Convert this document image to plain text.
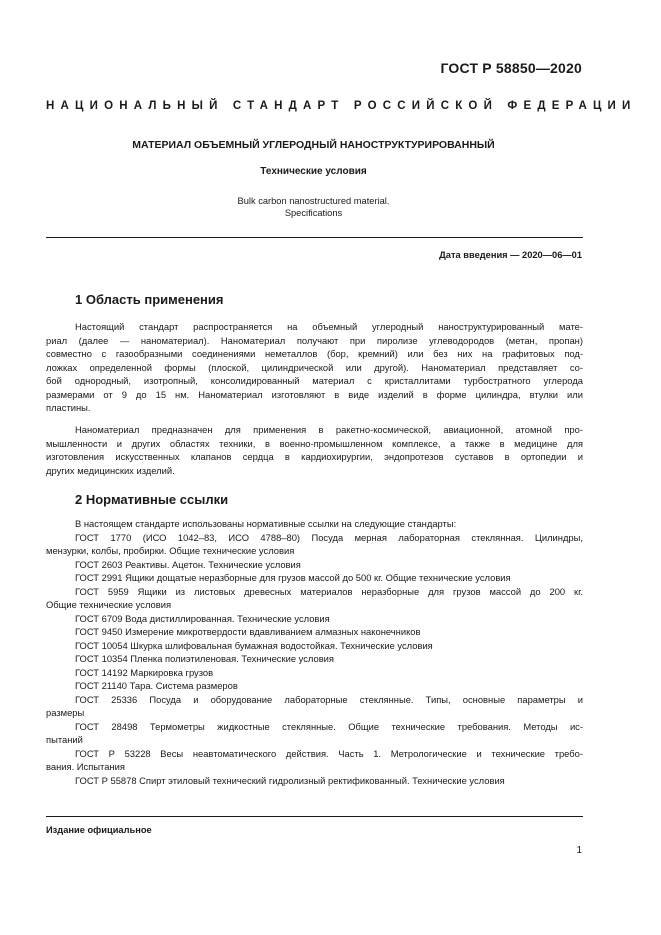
ГОСТ Р 58850—2020
НАЦИОНАЛЬНЫЙ СТАНДАРТ РОССИЙСКОЙ ФЕДЕРАЦИИ
МАТЕРИАЛ ОБЪЕМНЫЙ УГЛЕРОДНЫЙ НАНОСТРУКТУРИРОВАННЫЙ
Технические условия
Bulk carbon nanostructured material.
Specifications
Дата введения — 2020—06—01
1 Область применения
Настоящий стандарт распространяется на объемный углеродный наноструктурированный мате-
риал (далее — наноматериал). Наноматериал получают при пиролизе углеводородов (метан, пропан)
совместно с газообразными соединениями неметаллов (бор, кремний) или без них на графитовых под-
ложках определенной формы (плоской, цилиндрической или другой). Наноматериал представляет со-
бой однородный, изотропный, консолидированный материал с кристаллитами турбостратного углерода
размерами от 9 до 15 нм. Наноматериал изготовляют в виде изделий в форме цилиндра, втулки или
пластины.
Наноматериал предназначен для применения в ракетно-космической, авиационной, атомной про-
мышленности и других областях техники, в военно-промышленном комплексе, а также в медицине для
изготовления искусственных клапанов сердца в кардиохирургии, эндопротезов суставов в ортопедии и
других медицинских изделий.
2 Нормативные ссылки
В настоящем стандарте использованы нормативные ссылки на следующие стандарты:
ГОСТ 1770 (ИСО 1042–83, ИСО 4788–80) Посуда мерная лабораторная стеклянная. Цилиндры,
мензурки, колбы, пробирки. Общие технические условия
ГОСТ 2603 Реактивы. Ацетон. Технические условия
ГОСТ 2991 Ящики дощатые неразборные для грузов массой до 500 кг. Общие технические условия
ГОСТ 5959 Ящики из листовых древесных материалов неразборные для грузов массой до 200 кг.
Общие технические условия
ГОСТ 6709 Вода дистиллированная. Технические условия
ГОСТ 9450 Измерение микротвердости вдавливанием алмазных наконечников
ГОСТ 10054 Шкурка шлифовальная бумажная водостойкая. Технические условия
ГОСТ 10354 Пленка полиэтиленовая. Технические условия
ГОСТ 14192 Маркировка грузов
ГОСТ 21140 Тара. Система размеров
ГОСТ 25336 Посуда и оборудование лабораторные стеклянные. Типы, основные параметры и
размеры
ГОСТ 28498 Термометры жидкостные стеклянные. Общие технические требования. Методы ис-
пытаний
ГОСТ Р 53228 Весы неавтоматического действия. Часть 1. Метрологические и технические требо-
вания. Испытания
ГОСТ Р 55878 Спирт этиловый технический гидролизный ректификованный. Технические условия
Издание официальное
1
